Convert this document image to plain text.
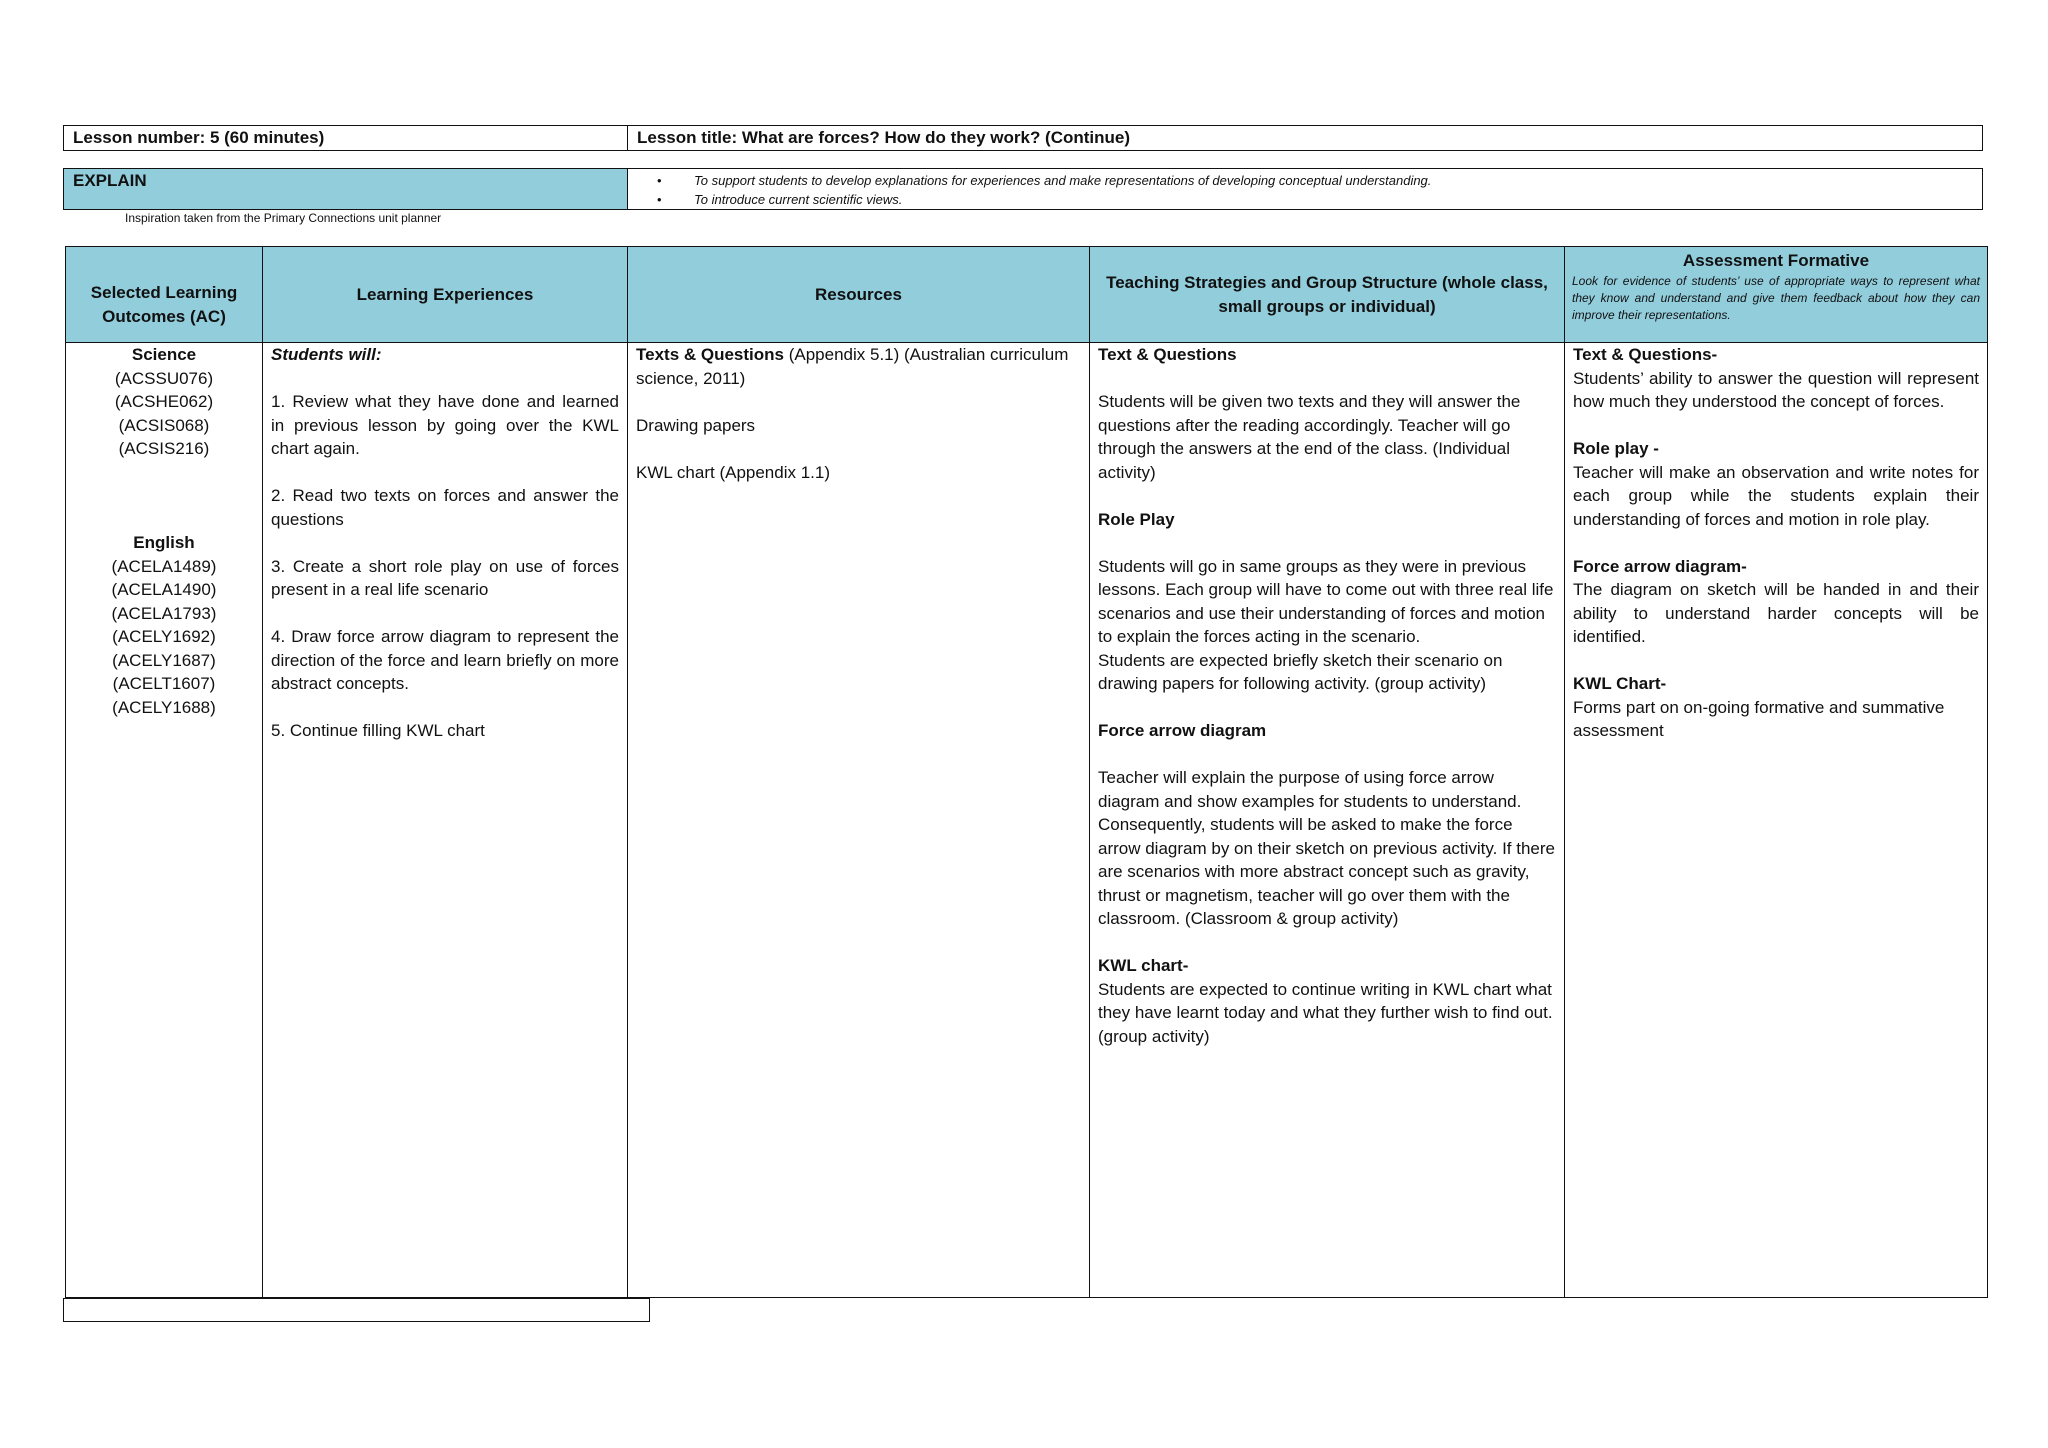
Lesson number: 5 (60 minutes)	Lesson title: What are forces? How do they work? (Continue)
EXPLAIN
•	To support students to develop explanations for experiences and make representations of developing conceptual understanding.
• To introduce current scientific views.
Inspiration taken from the Primary Connections unit planner
Selected Learning Outcomes (AC)
Science
(ACSSU076)
(ACSHE062)
(ACSIS068)
(ACSIS216)
English
(ACELA1489)
(ACELA1490)
(ACELA1793)
(ACELY1692)
(ACELY1687)
(ACELT1607)
(ACELY1688)
Learning Experiences
Students will:
1. Review what they have done and learned in previous lesson by going over the KWL chart again.
2. Read two texts on forces and answer the questions
3. Create a short role play on use of forces present in a real life scenario
4. Draw force arrow diagram to represent the direction of the force and learn briefly on more abstract concepts.
5. Continue filling KWL chart
Resources
Texts & Questions (Appendix 5.1) (Australian curriculum science, 2011)
Drawing papers
KWL chart (Appendix 1.1)
Teaching Strategies and Group Structure (whole class, small groups or individual)
Text & Questions
Students will be given two texts and they will answer the questions after the reading accordingly. Teacher will go through the answers at the end of the class. (Individual activity)
Role Play
Students will go in same groups as they were in previous lessons. Each group will have to come out with three real life scenarios and use their understanding of forces and motion to explain the forces acting in the scenario.
Students are expected briefly sketch their scenario on drawing papers for following activity. (group activity)
Force arrow diagram
Teacher will explain the purpose of using force arrow diagram and show examples for students to understand. Consequently, students will be asked to make the force arrow diagram by on their sketch on previous activity. If there are scenarios with more abstract concept such as gravity, thrust or magnetism, teacher will go over them with the classroom. (Classroom & group activity)
KWL chart-
Students are expected to continue writing in KWL chart what they have learnt today and what they further wish to find out. (group activity)
Assessment Formative
Look for evidence of students’ use of appropriate ways to represent what they know and understand and give them feedback about how they can improve their representations.
Text & Questions-
Students’ ability to answer the question will represent how much they understood the concept of forces.
Role play -
Teacher will make an observation and write notes for each group while the students explain their understanding of forces and motion in role play.
Force arrow diagram-
The diagram on sketch will be handed in and their ability to understand harder concepts will be identified.
KWL Chart-
Forms part on on-going formative and summative assessment
